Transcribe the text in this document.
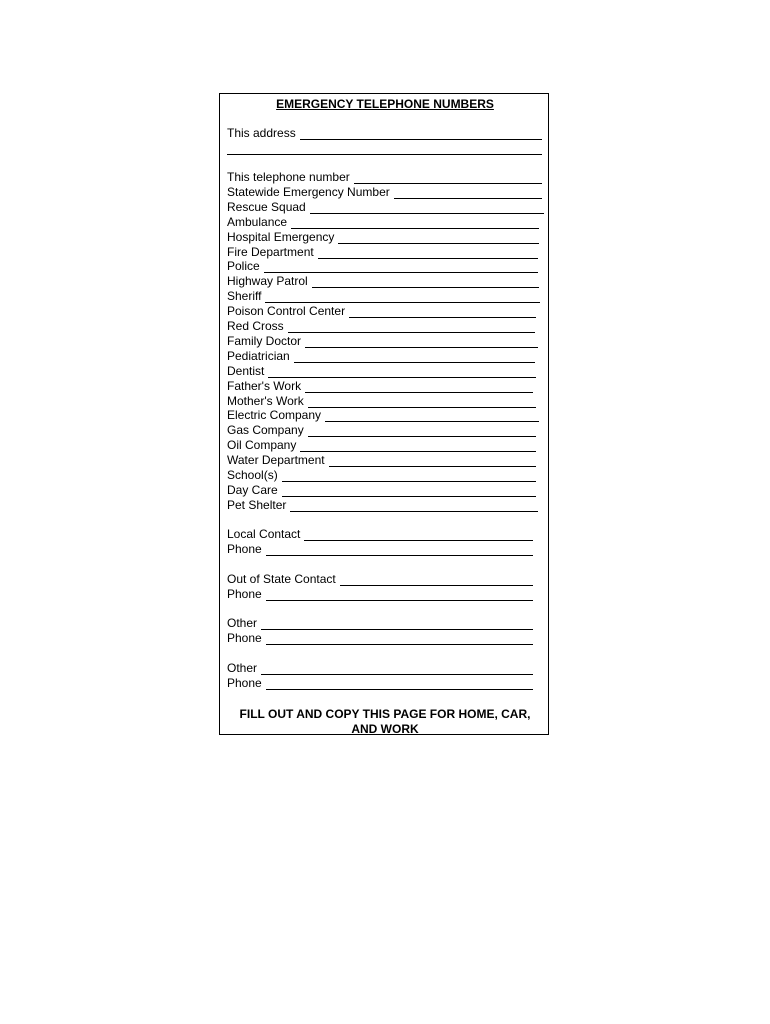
EMERGENCY TELEPHONE NUMBERS
This address
This telephone number
Statewide Emergency Number
Rescue Squad
Ambulance
Hospital Emergency
Fire Department
Police
Highway Patrol
Sheriff
Poison Control Center
Red Cross
Family Doctor
Pediatrician
Dentist
Father's Work
Mother's Work
Electric Company
Gas Company
Oil Company
Water Department
School(s)
Day Care
Pet Shelter
Local Contact
Phone
Out of State Contact
Phone
Other
Phone
Other
Phone
FILL OUT AND COPY THIS PAGE FOR HOME, CAR,
AND WORK
